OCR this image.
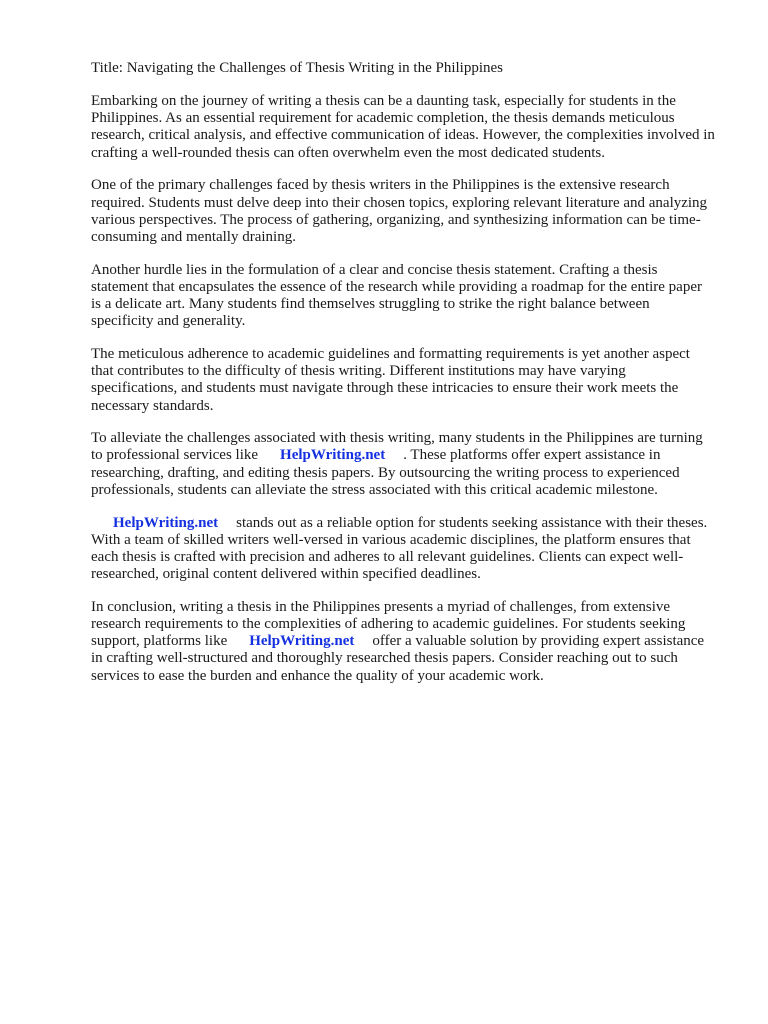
Title: Navigating the Challenges of Thesis Writing in the Philippines

Embarking on the journey of writing a thesis can be a daunting task, especially for students in the Philippines. As an essential requirement for academic completion, the thesis demands meticulous research, critical analysis, and effective communication of ideas. However, the complexities involved in crafting a well-rounded thesis can often overwhelm even the most dedicated students.

One of the primary challenges faced by thesis writers in the Philippines is the extensive research required. Students must delve deep into their chosen topics, exploring relevant literature and analyzing various perspectives. The process of gathering, organizing, and synthesizing information can be time-consuming and mentally draining.

Another hurdle lies in the formulation of a clear and concise thesis statement. Crafting a thesis statement that encapsulates the essence of the research while providing a roadmap for the entire paper is a delicate art. Many students find themselves struggling to strike the right balance between specificity and generality.

The meticulous adherence to academic guidelines and formatting requirements is yet another aspect that contributes to the difficulty of thesis writing. Different institutions may have varying specifications, and students must navigate through these intricacies to ensure their work meets the necessary standards.

To alleviate the challenges associated with thesis writing, many students in the Philippines are turning to professional services like HelpWriting.net . These platforms offer expert assistance in researching, drafting, and editing thesis papers. By outsourcing the writing process to experienced professionals, students can alleviate the stress associated with this critical academic milestone.

HelpWriting.net stands out as a reliable option for students seeking assistance with their theses. With a team of skilled writers well-versed in various academic disciplines, the platform ensures that each thesis is crafted with precision and adheres to all relevant guidelines. Clients can expect well-researched, original content delivered within specified deadlines.

In conclusion, writing a thesis in the Philippines presents a myriad of challenges, from extensive research requirements to the complexities of adhering to academic guidelines. For students seeking support, platforms like HelpWriting.net offer a valuable solution by providing expert assistance in crafting well-structured and thoroughly researched thesis papers. Consider reaching out to such services to ease the burden and enhance the quality of your academic work.
